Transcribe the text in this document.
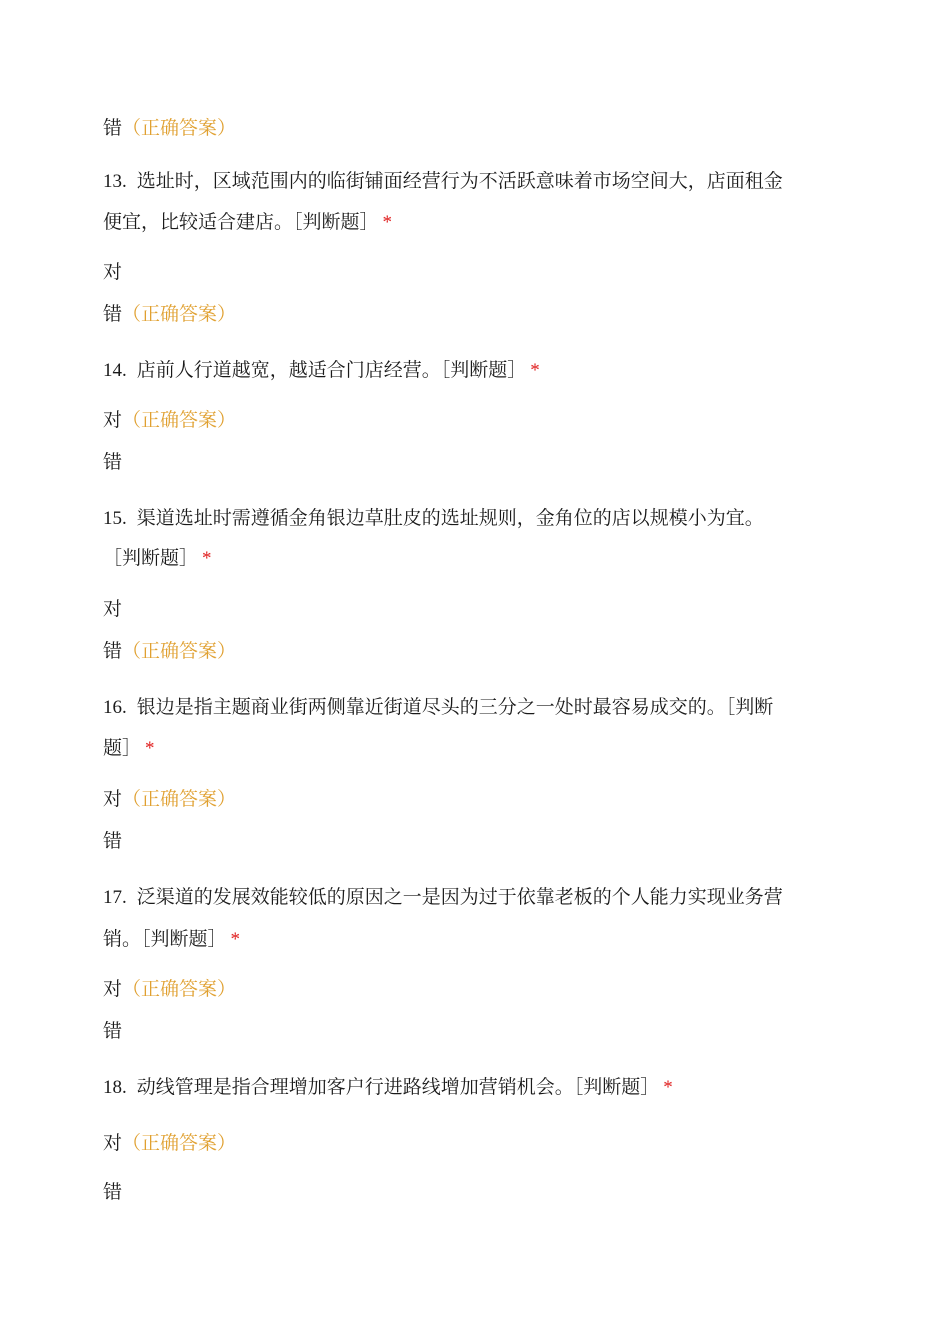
错（正确答案）
13. 选址时，区域范围内的临街铺面经营行为不活跃意味着市场空间大，店面租金
便宜，比较适合建店。［判断题］ *
对
错（正确答案）
14. 店前人行道越宽，越适合门店经营。［判断题］ *
对（正确答案）
错
15. 渠道选址时需遵循金角银边草肚皮的选址规则，金角位的店以规模小为宜。
［判断题］ *
对
错（正确答案）
16. 银边是指主题商业街两侧靠近街道尽头的三分之一处时最容易成交的。［判断
题］ *
对（正确答案）
错
17. 泛渠道的发展效能较低的原因之一是因为过于依靠老板的个人能力实现业务营
销。［判断题］ *
对（正确答案）
错
18. 动线管理是指合理增加客户行进路线增加营销机会。［判断题］ *
对（正确答案）
错
